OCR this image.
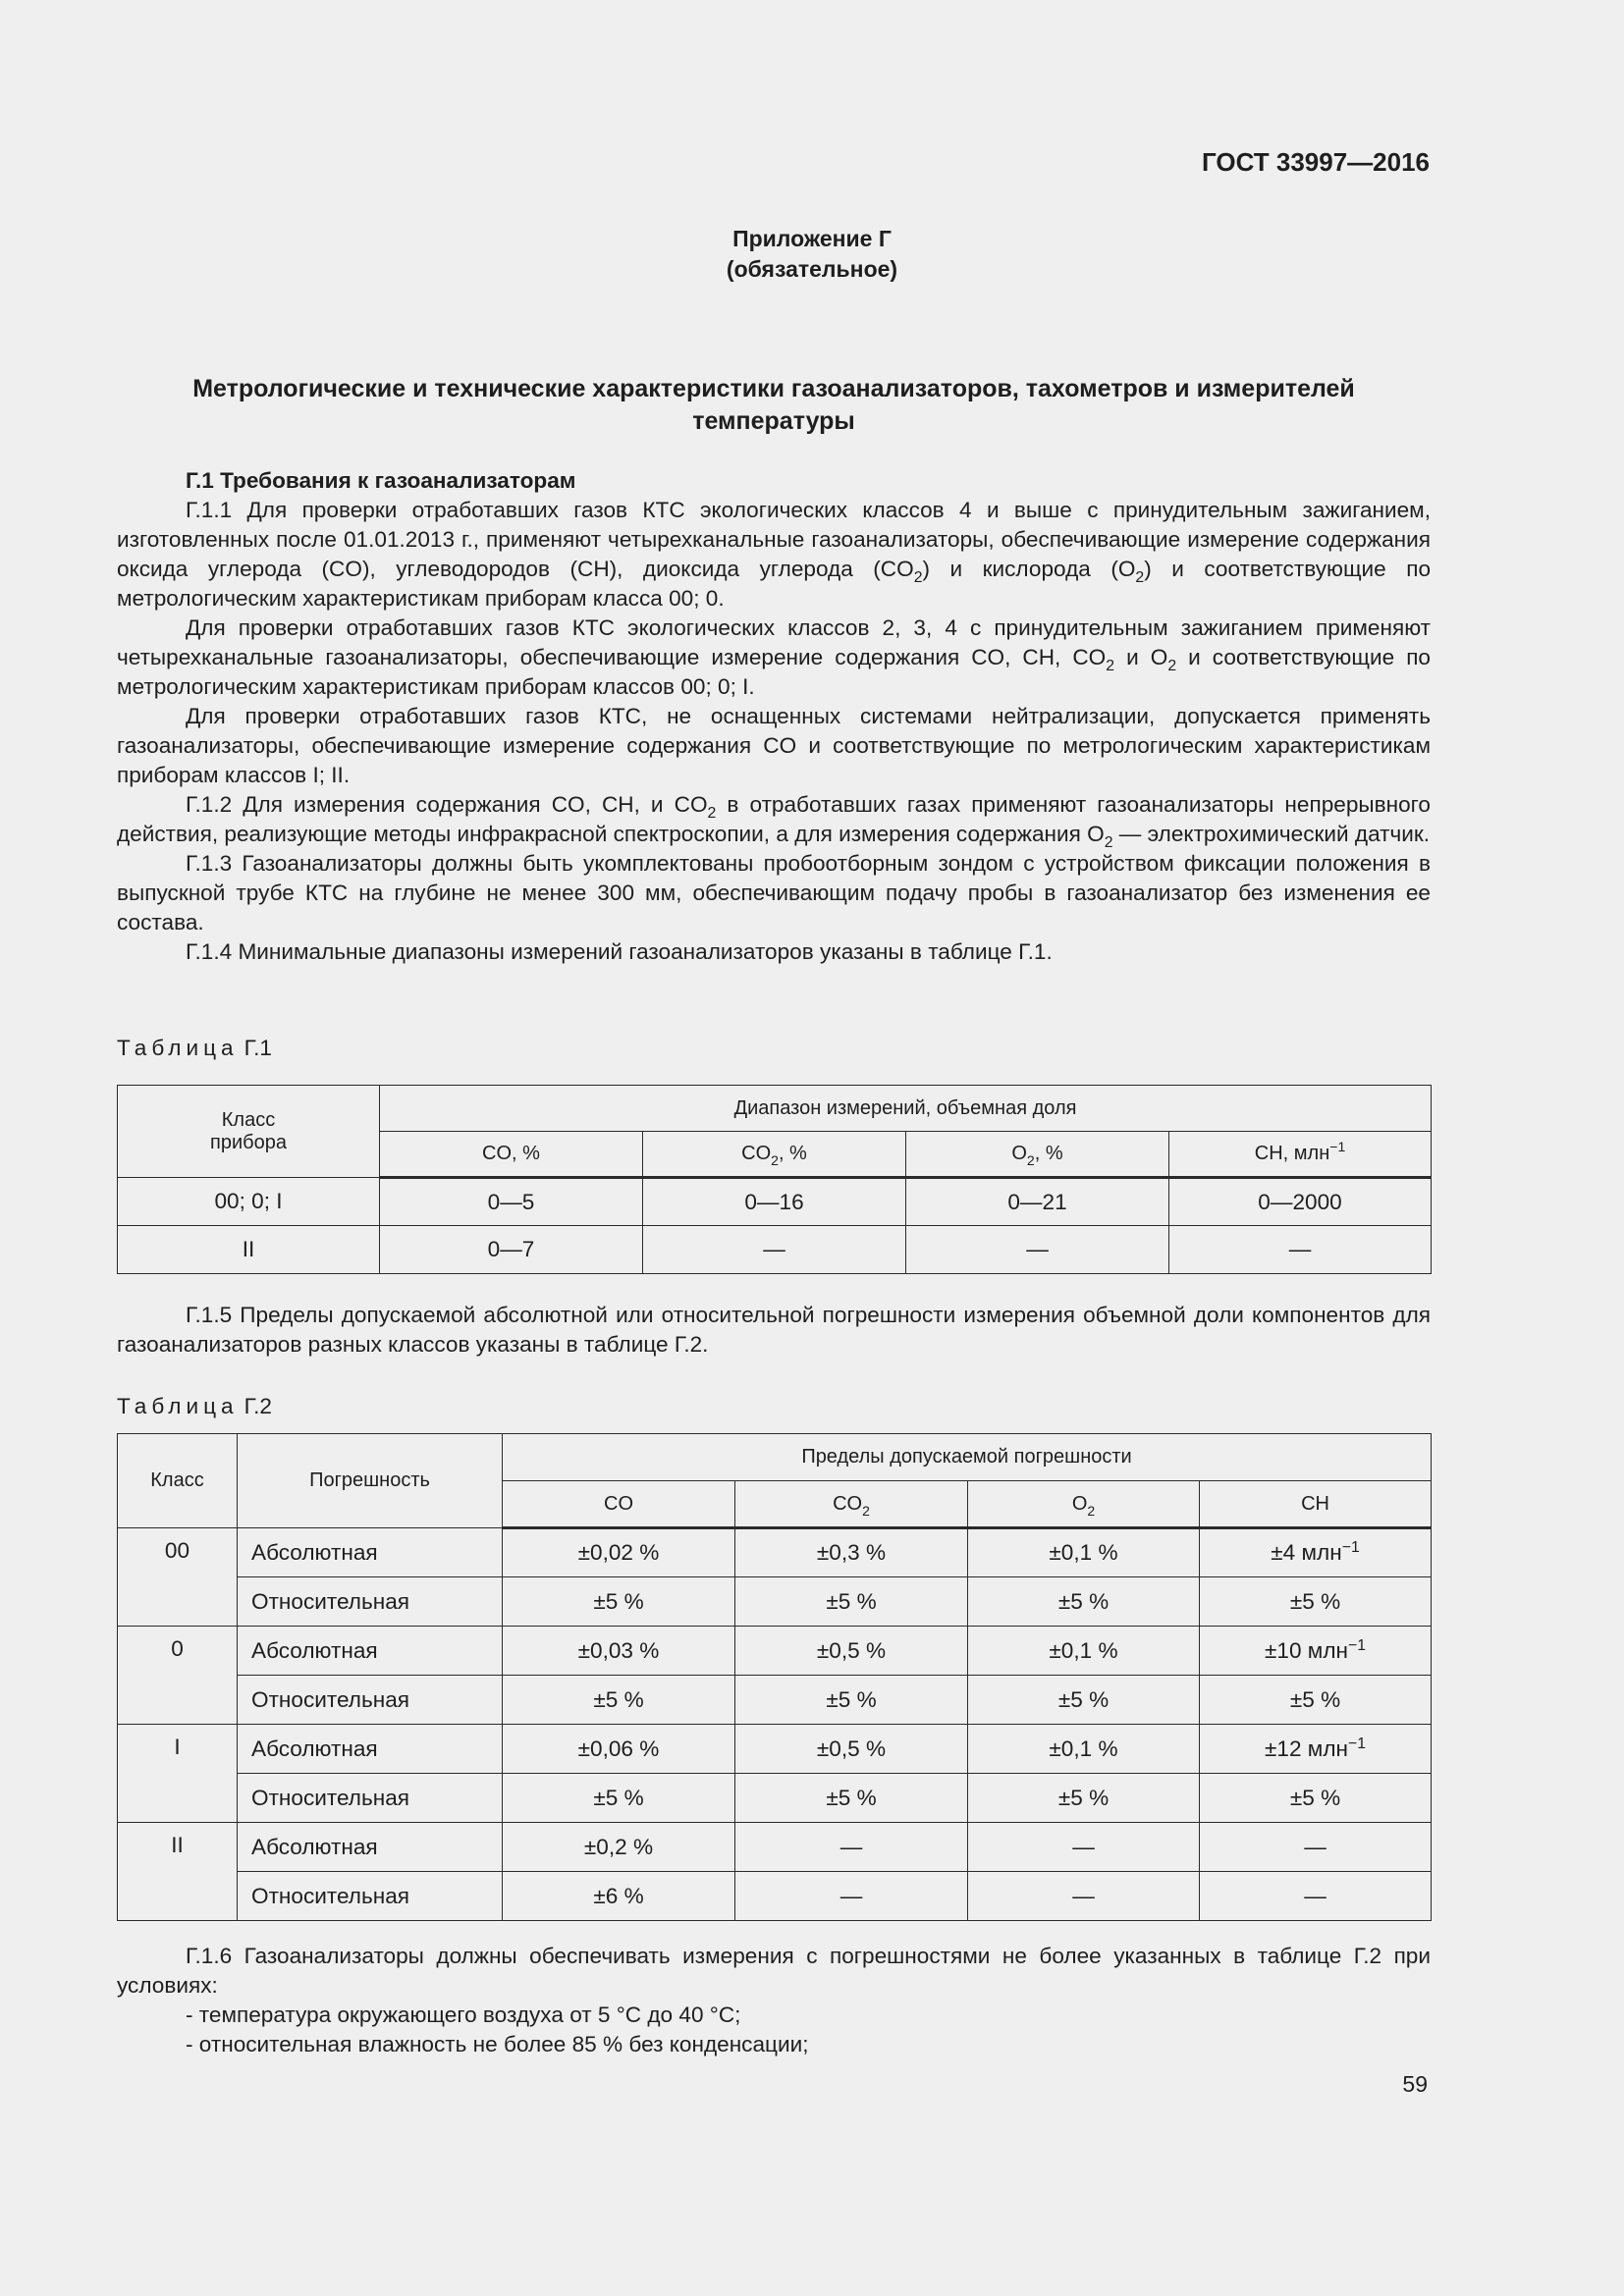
ГОСТ 33997—2016
Приложение Г
(обязательное)
Метрологические и технические характеристики газоанализаторов, тахометров и измерителей
температуры

Г.1 Требования к газоанализаторам

Г.1.1 Для проверки отработавших газов КТС экологических классов 4 и выше с принудительным зажиганием, изготовленных после 01.01.2013 г., применяют четырехканальные газоанализаторы, обеспечивающие измерение содержания оксида углерода (CO), углеводородов (CH), диоксида углерода $(CO_2)$ и кислорода $(O_2)$ и соответствующие по метрологическим характеристикам приборам класса 00; 0.

Для проверки отработавших газов КТС экологических классов 2, 3, 4 с принудительным зажиганием применяют четырехканальные газоанализаторы, обеспечивающие измерение содержания CO, CH, $CO_2$ и $O_2$ и соответствующие по метрологическим характеристикам приборам классов 00; 0; I.

Для проверки отработавших газов КТС, не оснащенных системами нейтрализации, допускается применять газоанализаторы, обеспечивающие измерение содержания CO и соответствующие по метрологическим характеристикам приборам классов I; II.

Г.1.2 Для измерения содержания CO, CH, и $CO_2$ в отработавших газах применяют газоанализаторы непрерывного действия, реализующие методы инфракрасной спектроскопии, а для измерения содержания $O_2$ — электрохимический датчик.

Г.1.3 Газоанализаторы должны быть укомплектованы пробоотборным зондом с устройством фиксации положения в выпускной трубе КТС на глубине не менее 300 мм, обеспечивающим подачу пробы в газоанализатор без изменения ее состава.

Г.1.4 Минимальные диапазоны измерений газоанализаторов указаны в таблице Г.1.

Таблица Г.1
Класс
прибора	Диапазон измерений, объемная доля			
	CO, %	$CO_2$, %	$O_2$, %	CH, млн$^{-1}$
00; 0; I	0—5	0—16	0—21	0—2000
II	0—7	—	—	—

Г.1.5 Пределы допускаемой абсолютной или относительной погрешности измерения объемной доли компонентов для газоанализаторов разных классов указаны в таблице Г.2.

Таблица Г.2
Класс	Погрешность	Пределы допускаемой погрешности			
		CO	$CO_2$	$O_2$	CH
00	Абсолютная	±0,02 %	±0,3 %	±0,1 %	±4 млн$^{-1}$
	Относительная	±5 %	±5 %	±5 %	±5 %
0	Абсолютная	±0,03 %	±0,5 %	±0,1 %	±10 млн$^{-1}$
	Относительная	±5 %	±5 %	±5 %	±5 %
I	Абсолютная	±0,06 %	±0,5 %	±0,1 %	±12 млн$^{-1}$
	Относительная	±5 %	±5 %	±5 %	±5 %
II	Абсолютная	±0,2 %	—	—	—
	Относительная	±6 %	—	—	—

Г.1.6 Газоанализаторы должны обеспечивать измерения с погрешностями не более указанных в таблице Г.2 при условиях:

- температура окружающего воздуха от 5 °С до 40 °С;

- относительная влажность не более 85 % без конденсации;

59
